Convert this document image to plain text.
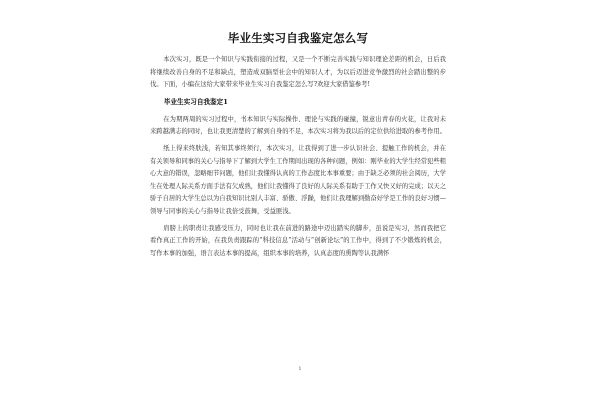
毕业生实习自我鉴定怎么写

本次实习，既是一个知识与实践衔接的过程，又是一个不断完善实践与知识理论差距的机会，日后我将继续改善自身的不足和缺点，塑造成双脑型社会中的知识人才，为以后迈进竞争激烈的社会踏出整的步伐。下面，小编在这给大家带来毕业生实习自我鉴定怎么写?欢迎大家借鉴参考!

毕业生实习自我鉴定1

在为期两周的实习过程中，书本知识与实际操作、理论与实践的碰撞，锐意出青春的火花，让我对未来跨越满志的同时，也让我更清楚的了解到自身的不足，本次实习将为我以后的定位供给进取的参考作用。

纸上得来终肤浅，若知其事终须行，本次实习，让我得到了进一步认识社会、提触工作的机会，并在有关领导和同事的关心与指导下了解到大学生工作期间出现的各种问题，例如：刚毕业的大学生经常犯些粗心大意的错误，忽略细节问题，他们让我懂得认真的工作态度比本事重要；由于缺乏必须的社会阅历，大学生在处理人际关系方面手法有欠成熟，他们让我懂得了良好的人际关系有助于工作又快又好的完成；以天之骄子自居的大学生总以为自我知识比别人丰富、骄傲、浮躁，他们让我理解到勤奋好学是工作的良好习惯—领导与同事的关心与指导让我倍受鼓舞，受益匪浅。

肩膀上的职责让我感受压力，同时也让我在前进的路途中迈出踏实的脚步，虽说是实习，然而我把它看作真正工作的开始，在我负责跟踪的“科技信息”活动与“创新论坛”的工作中，得到了不少锻炼的机会，写作本事的加强，语言表达本事的提高，组织本事的培养，认真态度的熏陶等认我满怀

1
